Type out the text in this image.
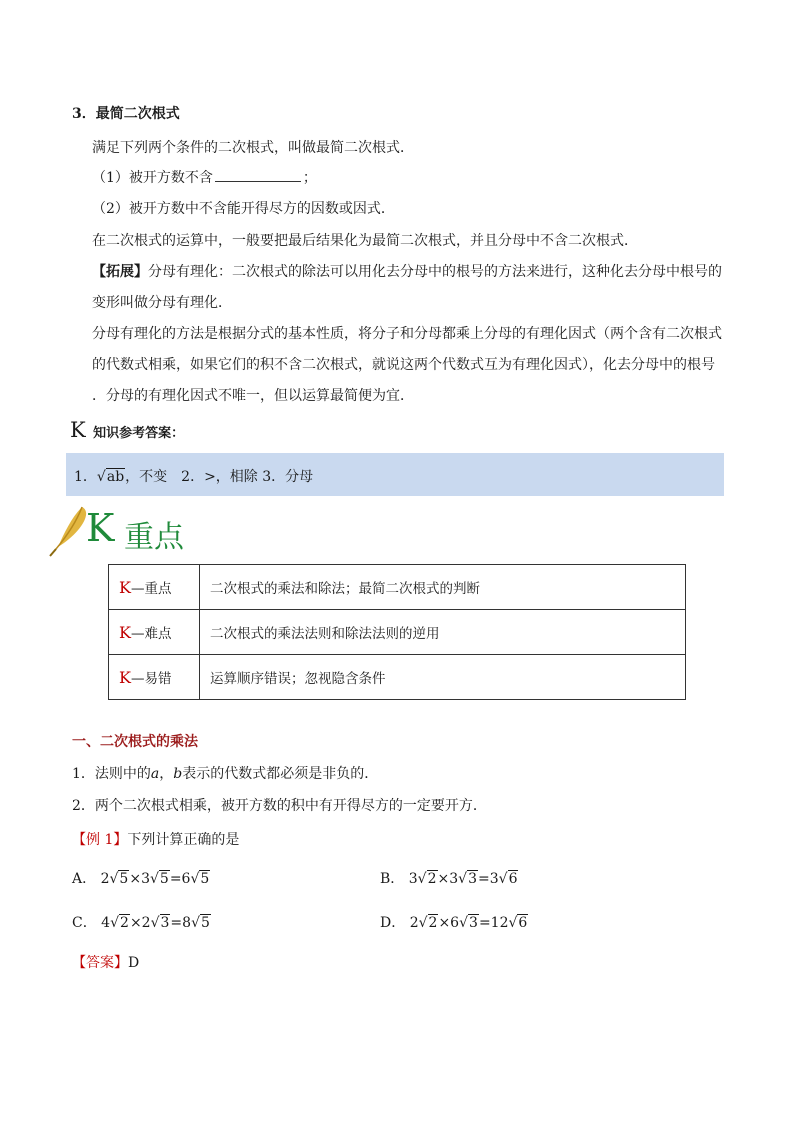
3．最简二次根式
满足下列两个条件的二次根式，叫做最简二次根式．
（1）被开方数不含	；
（2）被开方数中不含能开得尽方的因数或因式．
在二次根式的运算中，一般要把最后结果化为最简二次根式，并且分母中不含二次根式．
【拓展】分母有理化：二次根式的除法可以用化去分母中的根号的方法来进行，这种化去分母中根号的
变形叫做分母有理化．
分母有理化的方法是根据分式的基本性质，将分子和分母都乘上分母的有理化因式（两个含有二次根式
的代数式相乘，如果它们的积不含二次根式，就说这两个代数式互为有理化因式），化去分母中的根号
．分母的有理化因式不唯一，但以运算最简便为宜．
K 知识参考答案：
1．√ab，不变　2．>，相除 3．分母
K 重点
K—重点	二次根式的乘法和除法；最简二次根式的判断
K—难点	二次根式的乘法法则和除法法则的逆用
K—易错	运算顺序错误；忽视隐含条件
一、二次根式的乘法
1．法则中的a，b表示的代数式都必须是非负的．
2．两个二次根式相乘，被开方数的积中有开得尽方的一定要开方．
【例 1】下列计算正确的是
A． 2√5×3√5=6√5	B． 3√2×3√3=3√6
C． 4√2×2√3=8√5	D． 2√2×6√3=12√6
【答案】D
